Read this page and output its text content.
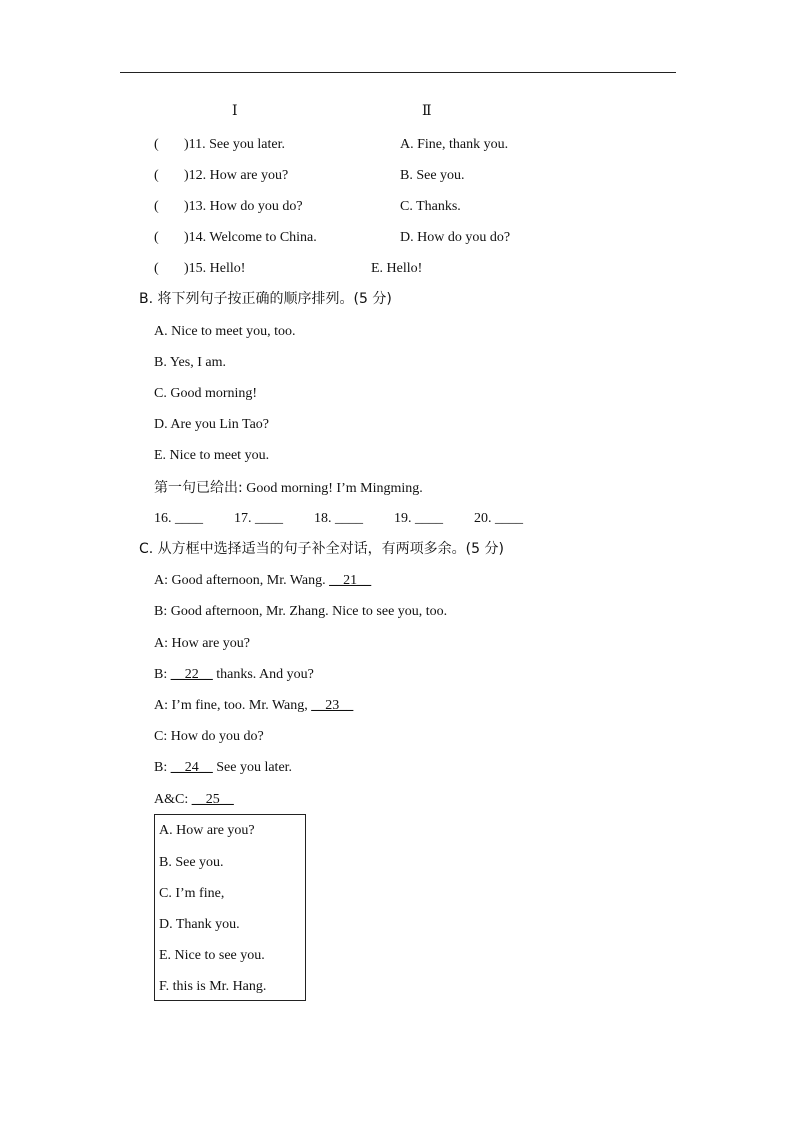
Ⅰ	Ⅱ
( )11. See you later.	A. Fine, thank you.
( )12. How are you?	B. See you.
( )13. How do you do?	C. Thanks.
( )14. Welcome to China.	D. How do you do?
( )15. Hello!	E. Hello!
B. 将下列句子按正确的顺序排列。(5 分)
A. Nice to meet you, too.
B. Yes, I am.
C. Good morning!
D. Are you Lin Tao?
E. Nice to meet you.
第一句已给出: Good morning! I’m Mingming.
16. ____ 17. ____ 18. ____ 19. ____ 20. ____
C. 从方框中选择适当的句子补全对话，有两项多余。(5 分)
A: Good afternoon, Mr. Wang. __21__
B: Good afternoon, Mr. Zhang. Nice to see you, too.
A: How are you?
B: __22__ thanks. And you?
A: I’m fine, too. Mr. Wang, __23__
C: How do you do?
B: __24__ See you later.
A&C: __25__
A. How are you?
B. See you.
C. I’m fine,
D. Thank you.
E. Nice to see you.
F. this is Mr. Hang.
